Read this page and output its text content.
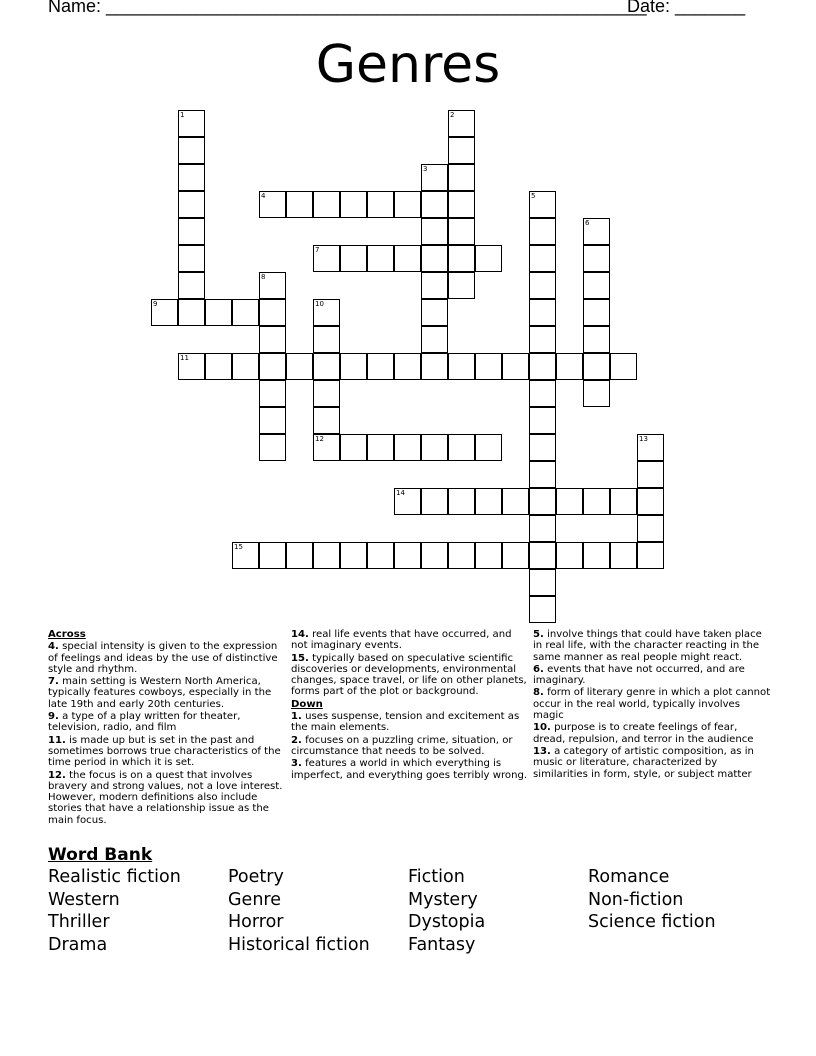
Name: ______________________________________________________
Date: _______
Genres
1	2
3
4	5
6
7
8
9	10
12
11
13
14
15
Across
4. special intensity is given to the expression of feelings and ideas by the use of distinctive style and rhythm.
7. main setting is Western North America, typically features cowboys, especially in the late 19th and early 20th centuries.
9. a type of a play written for theater, television, radio, and film
11. is made up but is set in the past and sometimes borrows true characteristics of the time period in which it is set.
12. the focus is on a quest that involves bravery and strong values, not a love interest. However, modern definitions also include stories that have a relationship issue as the main focus.
14. real life events that have occurred, and not imaginary events.
15. typically based on speculative scientific discoveries or developments, environmental changes, space travel, or life on other planets, forms part of the plot or background.
Down
1. uses suspense, tension and excitement as the main elements.
2. focuses on a puzzling crime, situation, or circumstance that needs to be solved.
3. features a world in which everything is imperfect, and everything goes terribly wrong.
5. involve things that could have taken place in real life, with the character reacting in the same manner as real people might react.
6. events that have not occurred, and are imaginary.
8. form of literary genre in which a plot cannot occur in the real world, typically involves magic
10. purpose is to create feelings of fear, dread, repulsion, and terror in the audience
13. a category of artistic composition, as in music or literature, characterized by similarities in form, style, or subject matter
Word Bank
Realistic fiction	Poetry	Fiction	Romance
Western	Genre	Mystery	Non-fiction
Thriller	Horror	Dystopia	Science fiction
Drama	Historical fiction	Fantasy
